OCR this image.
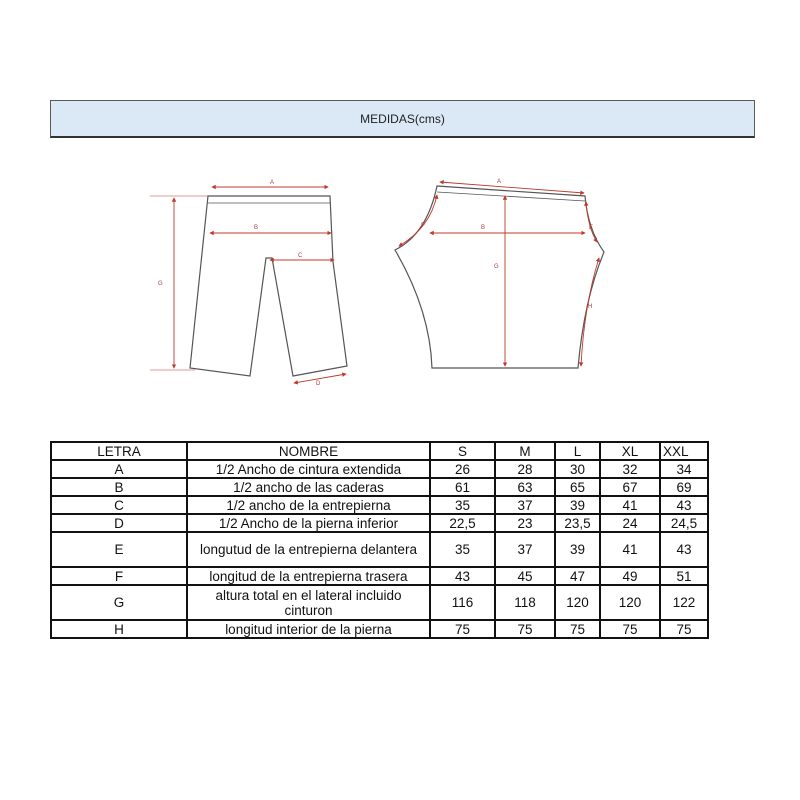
MEDIDAS(cms)
A
B
C
G
D
A
B	E
F
G
H
LETRA	NOMBRE	S	M	L	XL	XXL
A	1/2 Ancho de cintura extendida	26	28	30	32	34
B	1/2 ancho de las caderas	61	63	65	67	69
C	1/2 ancho de la entrepierna	35	37	39	41	43
D	1/2 Ancho de la pierna inferior	22,5	23	23,5	24	24,5
E	longutud de la entrepierna delantera	35	37	39	41	43
F	longitud de la entrepierna trasera	43	45	47	49	51
G	altura total en el lateral incluido cinturon	116	118	120	120	122
H	longitud interior de la pierna	75	75	75	75	75
